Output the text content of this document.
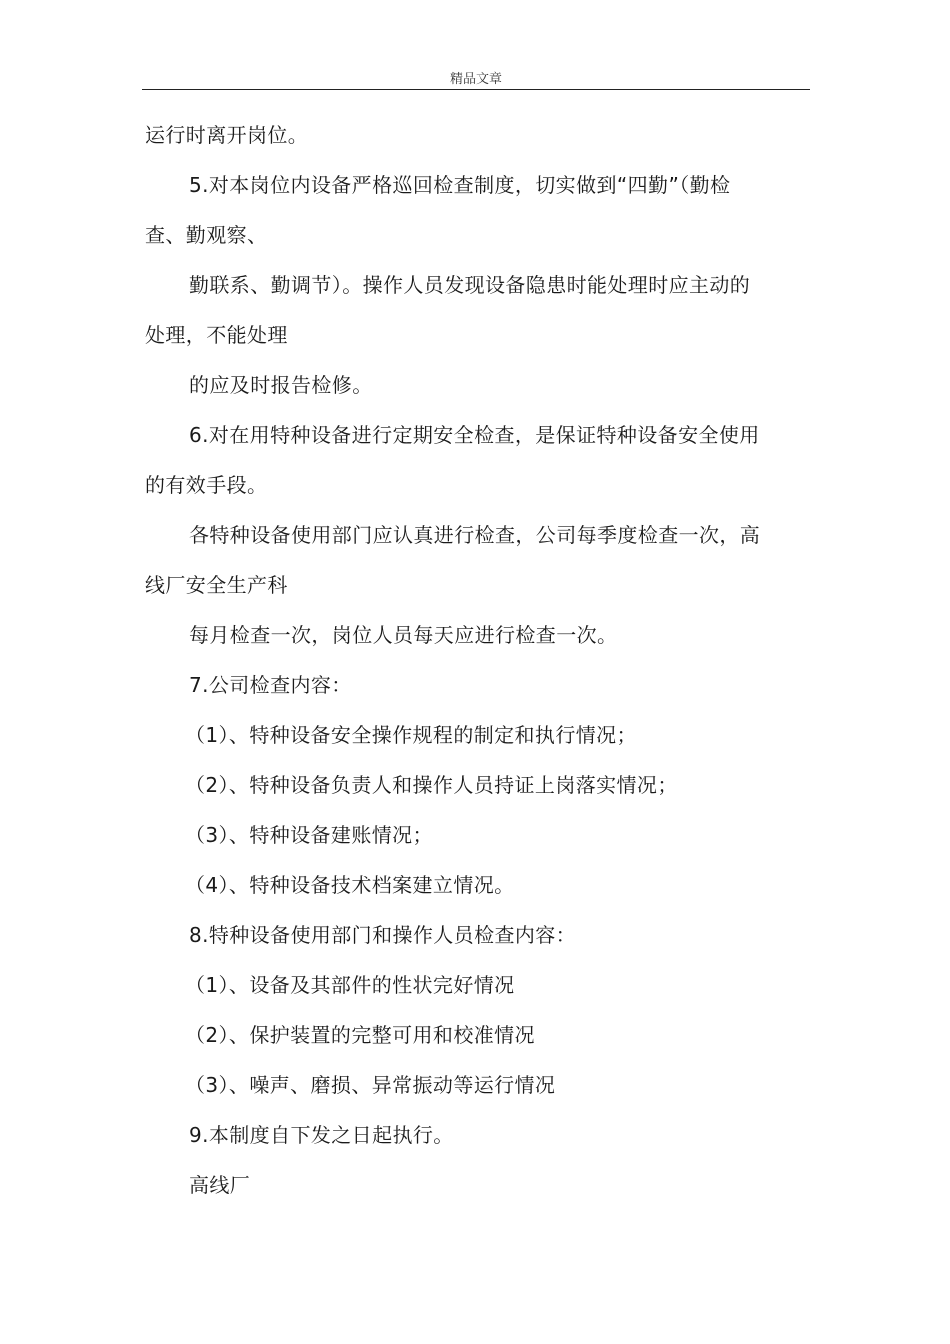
精品文章
运行时离开岗位。
5.对本岗位内设备严格巡回检查制度，切实做到“四勤”（勤检
查、勤观察、
勤联系、勤调节）。操作人员发现设备隐患时能处理时应主动的
处理，不能处理
的应及时报告检修。
6.对在用特种设备进行定期安全检查，是保证特种设备安全使用
的有效手段。
各特种设备使用部门应认真进行检查，公司每季度检查一次，高
线厂安全生产科
每月检查一次，岗位人员每天应进行检查一次。
7.公司检查内容：
（1）、特种设备安全操作规程的制定和执行情况；
（2）、特种设备负责人和操作人员持证上岗落实情况；
（3）、特种设备建账情况；
（4）、特种设备技术档案建立情况。
8.特种设备使用部门和操作人员检查内容：
（1）、设备及其部件的性状完好情况
（2）、保护装置的完整可用和校准情况
（3）、噪声、磨损、异常振动等运行情况
9.本制度自下发之日起执行。
高线厂
